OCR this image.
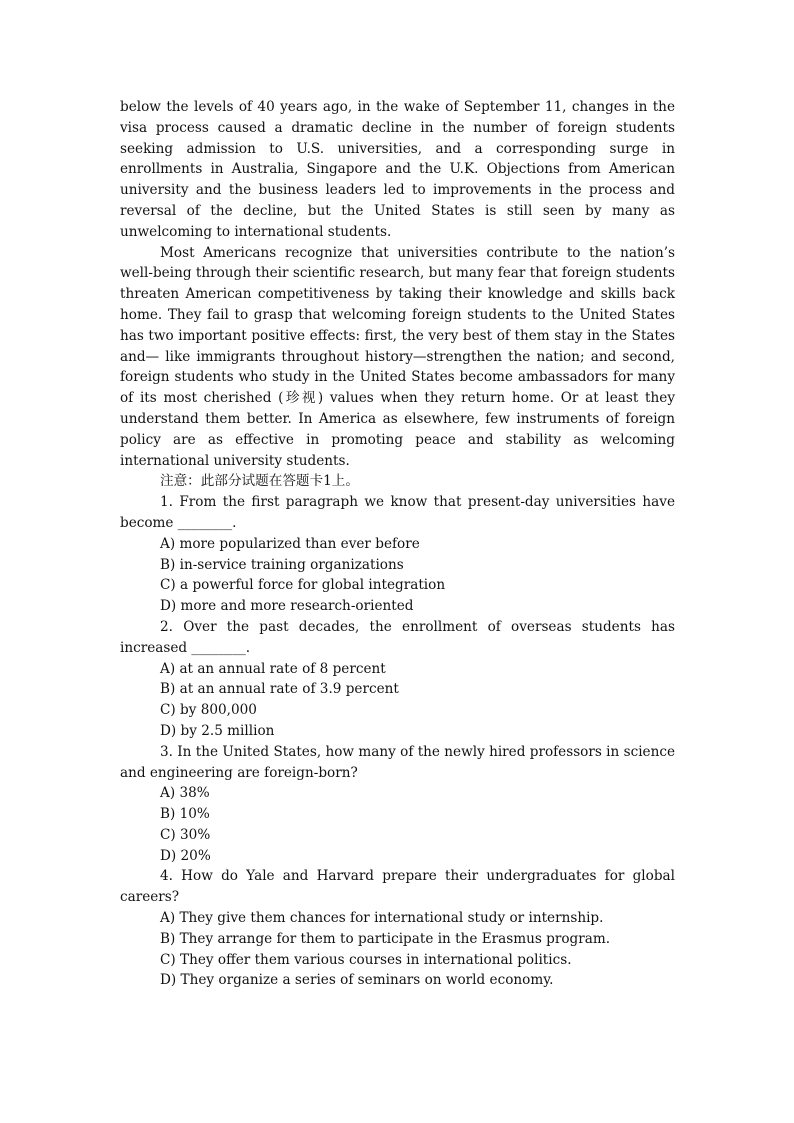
below the levels of 40 years ago, in the wake of September 11, changes in the visa process caused a dramatic decline in the number of foreign students seeking admission to U.S. universities, and a corresponding surge in enrollments in Australia, Singapore and the U.K. Objections from American university and the business leaders led to improvements in the process and reversal of the decline, but the United States is still seen by many as unwelcoming to international students.

Most Americans recognize that universities contribute to the nation’s well-being through their scientific research, but many fear that foreign students threaten American competitiveness by taking their knowledge and skills back home. They fail to grasp that welcoming foreign students to the United States has two important positive effects: first, the very best of them stay in the States and— like immigrants throughout history—strengthen the nation; and second, foreign students who study in the United States become ambassadors for many of its most cherished (珍视) values when they return home. Or at least they understand them better. In America as elsewhere, few instruments of foreign policy are as effective in promoting peace and stability as welcoming international university students.

注意：此部分试题在答题卡1上。

1. From the first paragraph we know that present-day universities have become ________.

A) more popularized than ever before

B) in-service training organizations

C) a powerful force for global integration

D) more and more research-oriented

2. Over the past decades, the enrollment of overseas students has increased ________.

A) at an annual rate of 8 percent

B) at an annual rate of 3.9 percent

C) by 800,000

D) by 2.5 million

3. In the United States, how many of the newly hired professors in science and engineering are foreign-born?

A) 38%

B) 10%

C) 30%

D) 20%

4. How do Yale and Harvard prepare their undergraduates for global careers?

A) They give them chances for international study or internship.

B) They arrange for them to participate in the Erasmus program.

C) They offer them various courses in international politics.

D) They organize a series of seminars on world economy.
